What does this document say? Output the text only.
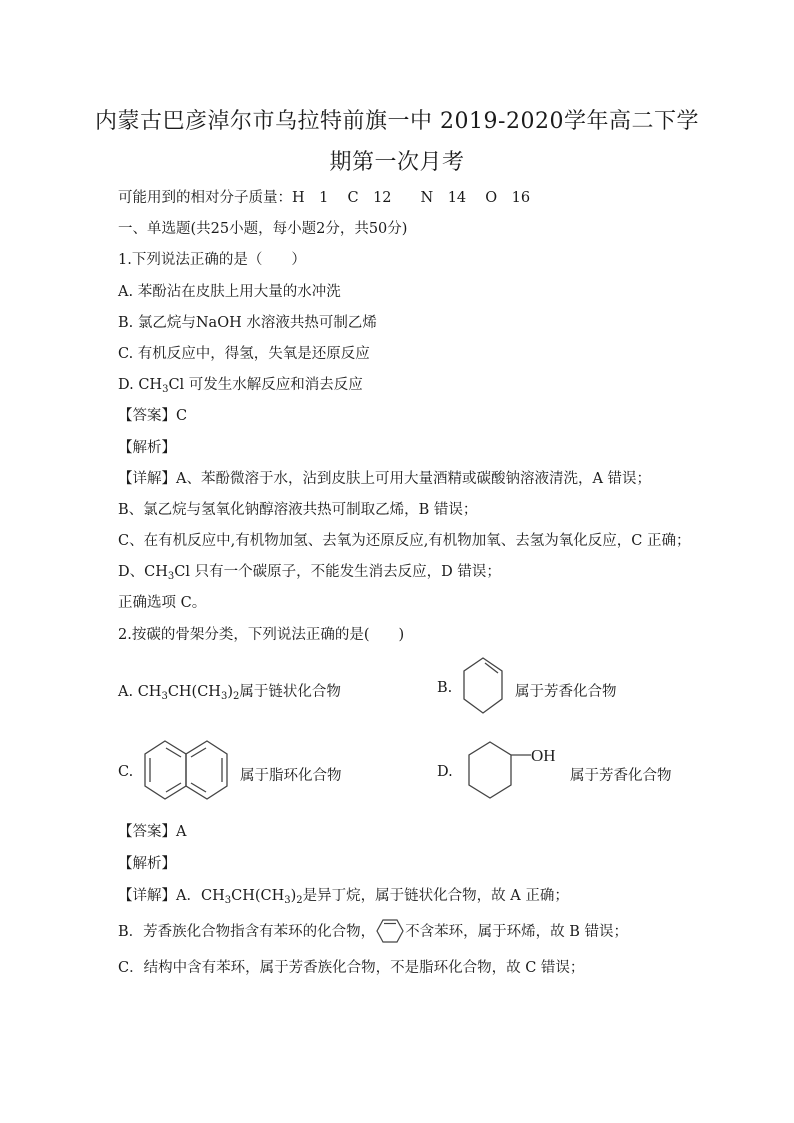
内蒙古巴彦淖尔市乌拉特前旗一中 2019-2020学年高二下学
期第一次月考
可能用到的相对分子质量：H　1　 C　12　　N　14　 O　16
一、单选题(共25小题，每小题2分，共50分)
1.下列说法正确的是（　　）
A. 苯酚沾在皮肤上用大量的水冲洗
B. 氯乙烷与NaOH 水溶液共热可制乙烯
C. 有机反应中，得氢，失氧是还原反应
D. $CH_3Cl$ 可发生水解反应和消去反应
【答案】C
【解析】
【详解】A、苯酚微溶于水，沾到皮肤上可用大量酒精或碳酸钠溶液清洗，A 错误；
B、氯乙烷与氢氧化钠醇溶液共热可制取乙烯，B 错误；
C、在有机反应中,有机物加氢、去氧为还原反应,有机物加氧、去氢为氧化反应，C 正确；
D、$CH_3Cl$ 只有一个碳原子，不能发生消去反应，D 错误；
正确选项 C。
2.按碳的骨架分类，下列说法正确的是(　　)
A. $CH_3CH(CH_3)_2$属于链状化合物	B.	属于芳香化合物
C.	属于脂环化合物	D.
OH
属于芳香化合物
【答案】A
【解析】
【详解】A．$CH_3CH(CH_3)_2$是异丁烷，属于链状化合物，故 A 正确；
B．芳香族化合物指含有苯环的化合物， 不含苯环，属于环烯，故 B 错误；
C．结构中含有苯环，属于芳香族化合物，不是脂环化合物，故 C 错误；
